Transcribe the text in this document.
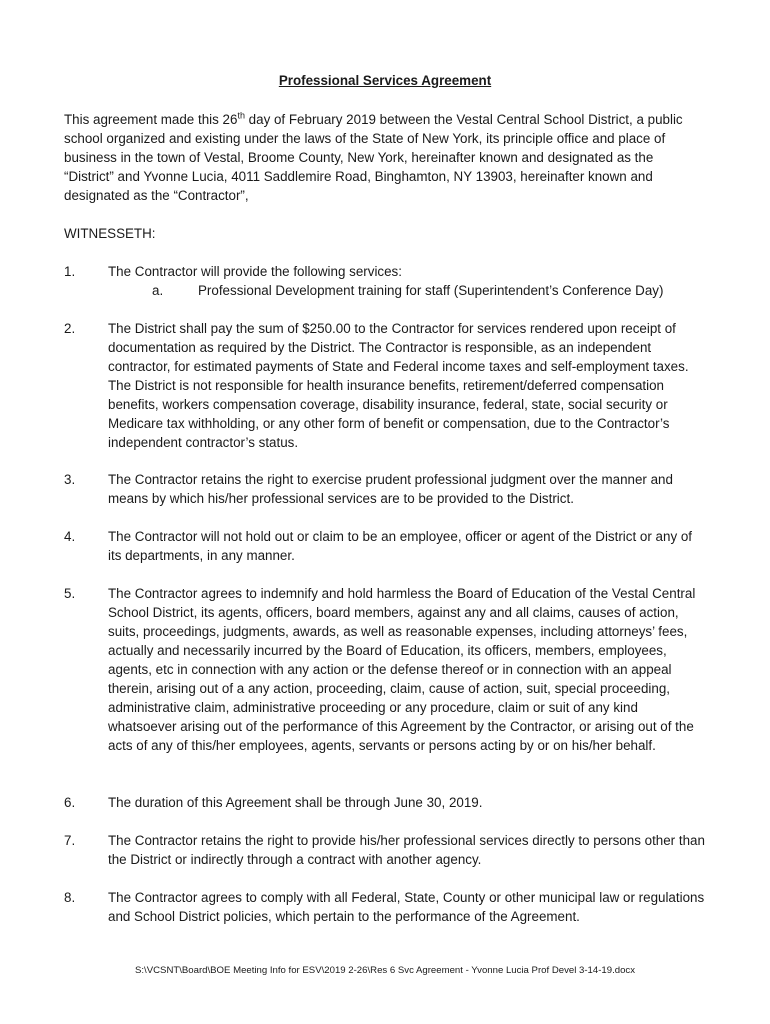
Professional Services Agreement
This agreement made this 26th day of February 2019 between the Vestal Central School District, a public school organized and existing under the laws of the State of New York, its principle office and place of business in the town of Vestal, Broome County, New York, hereinafter known and designated as the “District” and Yvonne Lucia, 4011 Saddlemire Road, Binghamton, NY 13903, hereinafter known and designated as the “Contractor”,
WITNESSETH:
1. The Contractor will provide the following services:
a.	Professional Development training for staff (Superintendent’s Conference Day)
2. The District shall pay the sum of $250.00 to the Contractor for services rendered upon receipt of documentation as required by the District. The Contractor is responsible, as an independent contractor, for estimated payments of State and Federal income taxes and self-employment taxes. The District is not responsible for health insurance benefits, retirement/deferred compensation benefits, workers compensation coverage, disability insurance, federal, state, social security or Medicare tax withholding, or any other form of benefit or compensation, due to the Contractor’s independent contractor’s status.
3. The Contractor retains the right to exercise prudent professional judgment over the manner and means by which his/her professional services are to be provided to the District.
4. The Contractor will not hold out or claim to be an employee, officer or agent of the District or any of its departments, in any manner.
5. The Contractor agrees to indemnify and hold harmless the Board of Education of the Vestal Central School District, its agents, officers, board members, against any and all claims, causes of action, suits, proceedings, judgments, awards, as well as reasonable expenses, including attorneys’ fees, actually and necessarily incurred by the Board of Education, its officers, members, employees, agents, etc in connection with any action or the defense thereof or in connection with an appeal therein, arising out of a any action, proceeding, claim, cause of action, suit, special proceeding, administrative claim, administrative proceeding or any procedure, claim or suit of any kind whatsoever arising out of the performance of this Agreement by the Contractor, or arising out of the acts of any of this/her employees, agents, servants or persons acting by or on his/her behalf.
6. The duration of this Agreement shall be through June 30, 2019.
7. The Contractor retains the right to provide his/her professional services directly to persons other than the District or indirectly through a contract with another agency.
8. The Contractor agrees to comply with all Federal, State, County or other municipal law or regulations and School District policies, which pertain to the performance of the Agreement.
S:\VCSNT\Board\BOE Meeting Info for ESV\2019 2-26\Res 6 Svc Agreement - Yvonne Lucia Prof Devel 3-14-19.docx
